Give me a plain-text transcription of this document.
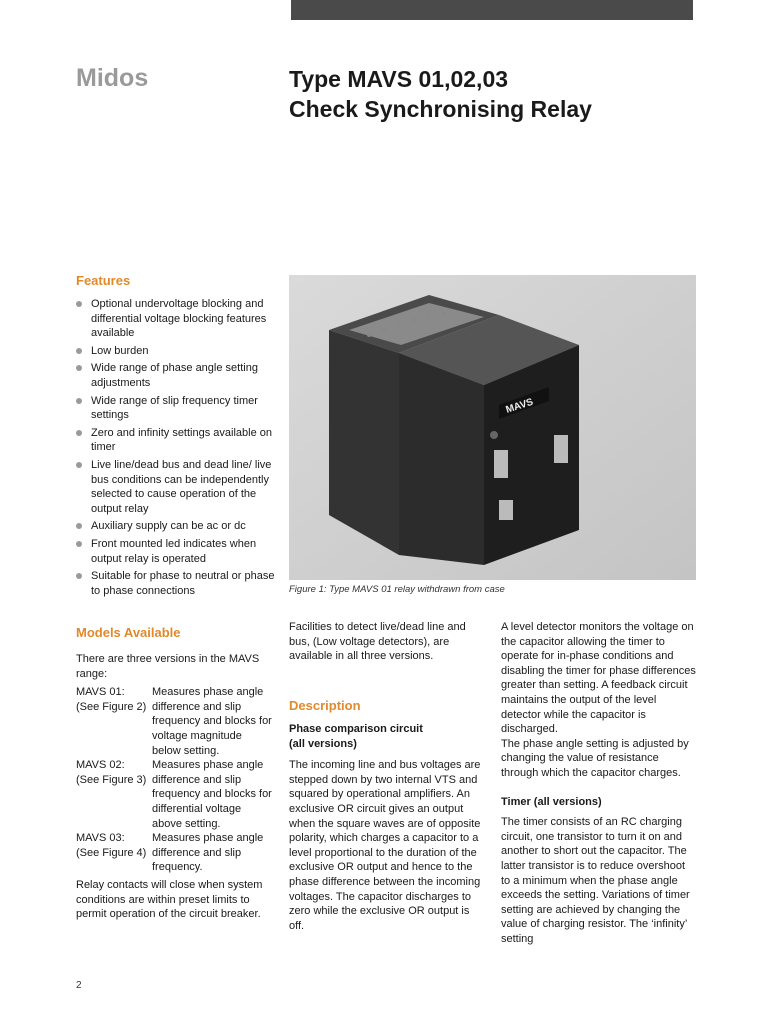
Midos	Type MAVS 01,02,03
Check Synchronising Relay
Features
Optional undervoltage blocking and differential voltage blocking features available
Low burden
Wide range of phase angle setting adjustments
Wide range of slip frequency timer settings
Zero and infinity settings available on timer
Live line/dead bus and dead line/ live bus conditions can be independently selected to cause operation of the output relay
Auxiliary supply can be ac or dc
Front mounted led indicates when output relay is operated
Suitable for phase to neutral or phase to phase connections
MAVS
Figure 1: Type MAVS 01 relay withdrawn from case
Models Available

There are three versions in the MAVS range:

MAVS 01:
(See Figure 2)
Measures phase angle difference and slip frequency and blocks for voltage magnitude below setting.
MAVS 02:
(See Figure 3)
Measures phase angle difference and slip frequency and blocks for differential voltage above setting.
MAVS 03:
(See Figure 4)
Measures phase angle difference and slip frequency.

Relay contacts will close when system conditions are within preset limits to permit operation of the circuit breaker.

Facilities to detect live/dead line and bus, (Low voltage detectors), are available in all three versions.

Description
Phase comparison circuit
(all versions)

The incoming line and bus voltages are stepped down by two internal VTS and squared by operational amplifiers. An exclusive OR circuit gives an output when the square waves are of opposite polarity, which charges a capacitor to a level proportional to the duration of the exclusive OR output and hence to the phase difference between the incoming voltages. The capacitor discharges to zero while the exclusive OR output is off.

A level detector monitors the voltage on the capacitor allowing the timer to operate for in-phase conditions and disabling the timer for phase differences greater than setting. A feedback circuit maintains the output of the level detector while the capacitor is discharged.

The phase angle setting is adjusted by changing the value of resistance through which the capacitor charges.

Timer (all versions)

The timer consists of an RC charging circuit, one transistor to turn it on and another to short out the capacitor. The latter transistor is to reduce overshoot to a minimum when the phase angle exceeds the setting. Variations of timer setting are achieved by changing the value of charging resistor. The ‘infinity’ setting

2
